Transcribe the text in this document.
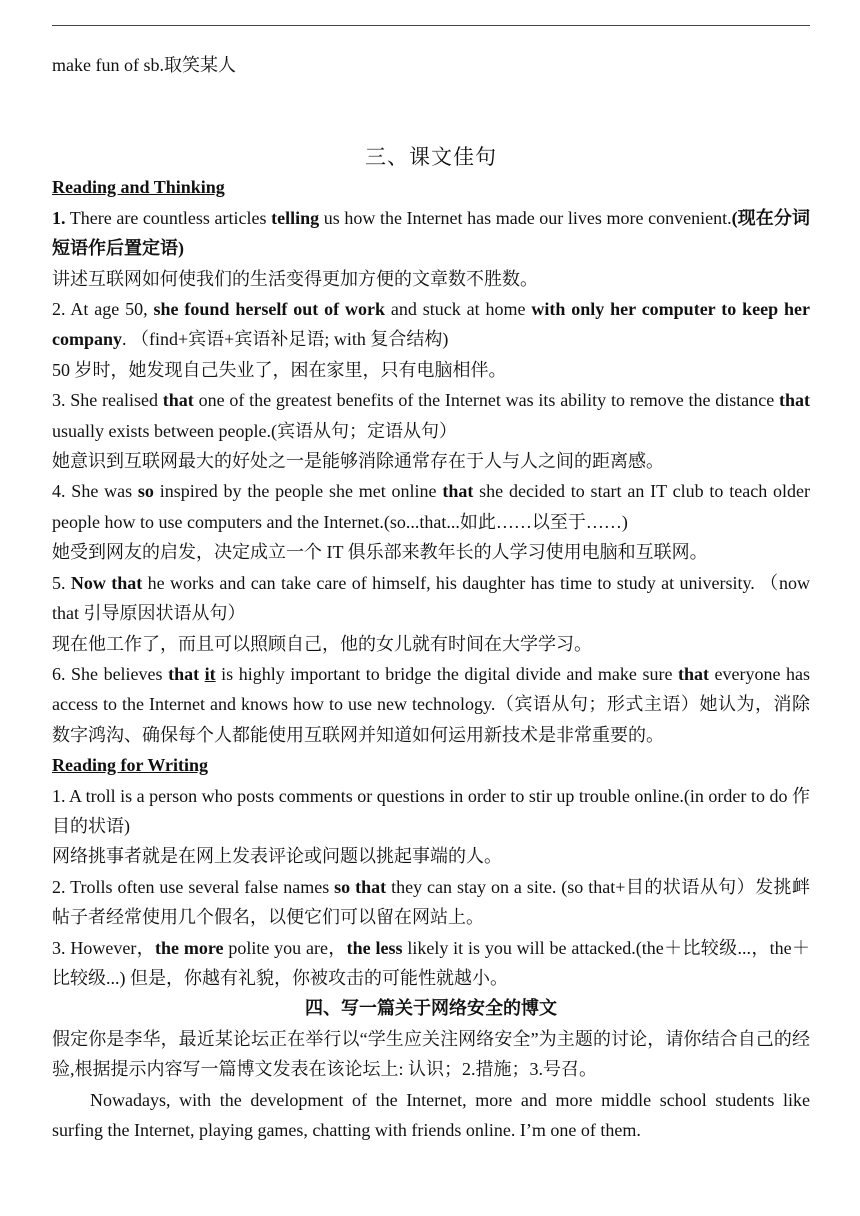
make fun of sb.取笑某人

三、课文佳句

Reading and Thinking

1. There are countless articles telling us how the Internet has made our lives more convenient.(现在分词短语作后置定语)

讲述互联网如何使我们的生活变得更加方便的文章数不胜数。

2. At age 50, she found herself out of work and stuck at home with only her computer to keep her company. （find+宾语+宾语补足语; with 复合结构)

50 岁时，她发现自己失业了，困在家里，只有电脑相伴。

3. She realised that one of the greatest benefits of the Internet was its ability to remove the distance that usually exists between people.(宾语从句；定语从句）

她意识到互联网最大的好处之一是能够消除通常存在于人与人之间的距离感。

4. She was so inspired by the people she met online that she decided to start an IT club to teach older people how to use computers and the Internet.(so...that...如此……以至于……)

她受到网友的启发，决定成立一个 IT 俱乐部来教年长的人学习使用电脑和互联网。

5. Now that he works and can take care of himself, his daughter has time to study at university. （now that 引导原因状语从句）

现在他工作了，而且可以照顾自己，他的女儿就有时间在大学学习。

6. She believes that it is highly important to bridge the digital divide and make sure that everyone has access to the Internet and knows how to use new technology.（宾语从句；形式主语）她认为，消除数字鸿沟、确保每个人都能使用互联网并知道如何运用新技术是非常重要的。

Reading for Writing

1. A troll is a person who posts comments or questions in order to stir up trouble online.(in order to do 作目的状语)

网络挑事者就是在网上发表评论或问题以挑起事端的人。

2. Trolls often use several false names so that they can stay on a site. (so that+目的状语从句）发挑衅帖子者经常使用几个假名，以便它们可以留在网站上。

3. However，the more polite you are，the less likely it is you will be attacked.(the＋比较级...，the＋比较级...) 但是，你越有礼貌，你被攻击的可能性就越小。

四、写一篇关于网络安全的博文

假定你是李华，最近某论坛正在举行以“学生应关注网络安全”为主题的讨论，请你结合自己的经验,根据提示内容写一篇博文发表在该论坛上: 认识；2.措施；3.号召。

Nowadays, with the development of the Internet, more and more middle school students like surfing the Internet, playing games, chatting with friends online. I’m one of them.
